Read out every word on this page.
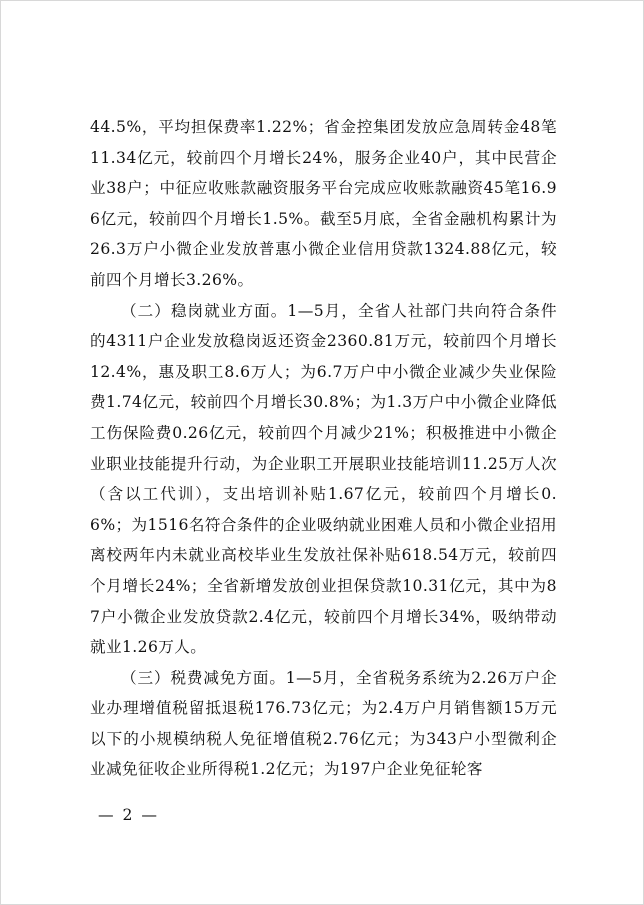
44.5%，平均担保费率1.22%；省金控集团发放应急周转金48笔11.34亿元，较前四个月增长24%，服务企业40户，其中民营企业38户；中征应收账款融资服务平台完成应收账款融资45笔16.96亿元，较前四个月增长1.5%。截至5月底，全省金融机构累计为26.3万户小微企业发放普惠小微企业信用贷款1324.88亿元，较前四个月增长3.26%。

（二）稳岗就业方面。1—5月，全省人社部门共向符合条件的4311户企业发放稳岗返还资金2360.81万元，较前四个月增长12.4%，惠及职工8.6万人；为6.7万户中小微企业减少失业保险费1.74亿元，较前四个月增长30.8%；为1.3万户中小微企业降低工伤保险费0.26亿元，较前四个月减少21%；积极推进中小微企业职业技能提升行动，为企业职工开展职业技能培训11.25万人次（含以工代训），支出培训补贴1.67亿元，较前四个月增长0.6%；为1516名符合条件的企业吸纳就业困难人员和小微企业招用离校两年内未就业高校毕业生发放社保补贴618.54万元，较前四个月增长24%；全省新增发放创业担保贷款10.31亿元，其中为87户小微企业发放贷款2.4亿元，较前四个月增长34%，吸纳带动就业1.26万人。

（三）税费减免方面。1—5月，全省税务系统为2.26万户企业办理增值税留抵退税176.73亿元；为2.4万户月销售额15万元以下的小规模纳税人免征增值税2.76亿元；为343户小型微利企业减免征收企业所得税1.2亿元；为197户企业免征轮客

— 2 —
